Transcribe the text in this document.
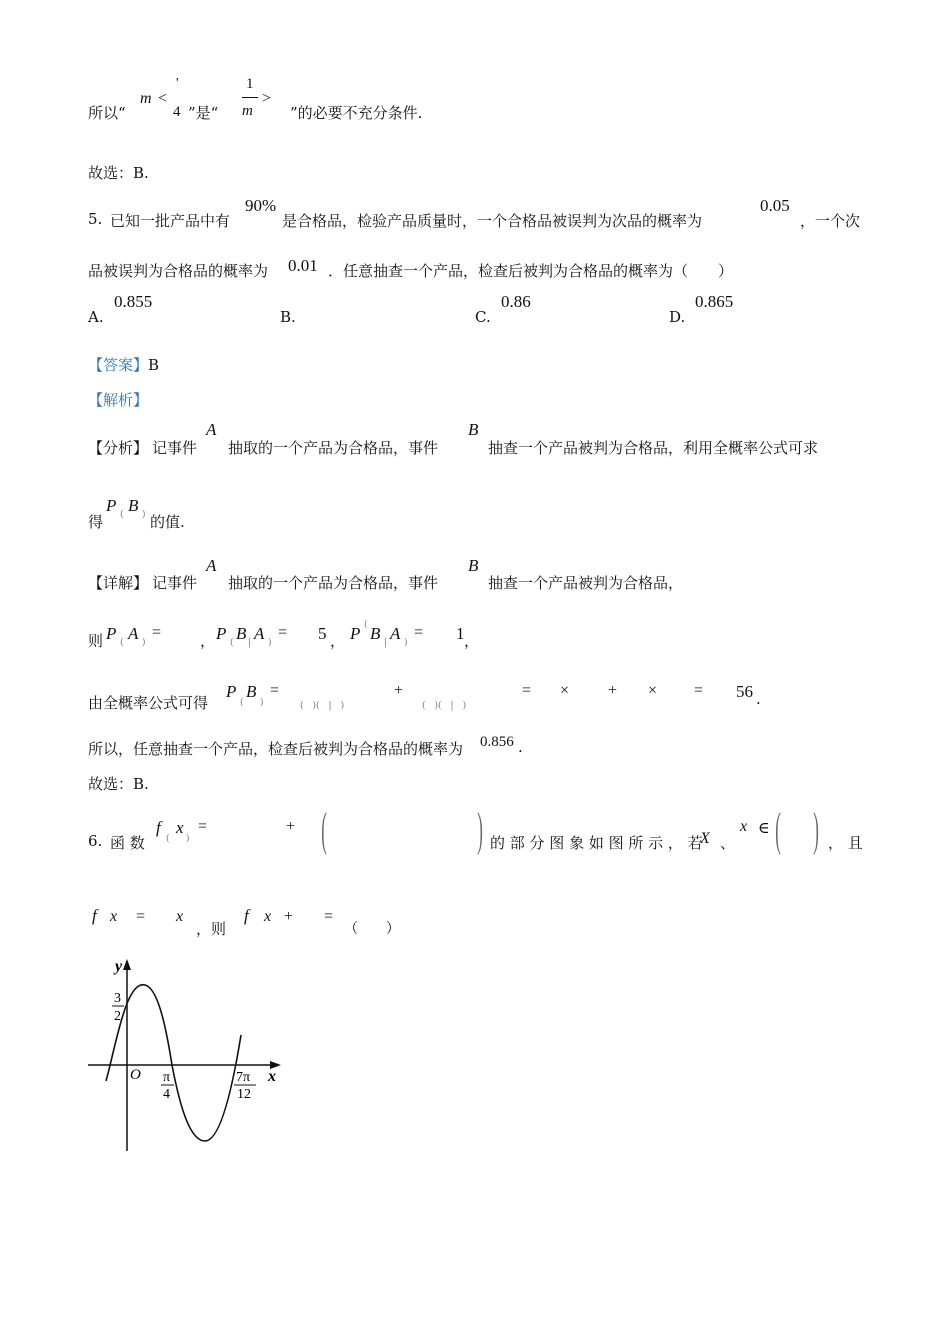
所以“
m <
'
4 ”是“
1
m
>
”的必要不充分条件.
故选：B.
5. 已知一批产品中有
90%
是合格品，检验产品质量时，一个合格品被误判为次品的概率为
0.05
，一个次
品被误判为合格品的概率为 0.01 ．任意抽查一个产品，检查后被判为合格品的概率为（　　）
A.
0.855
B.	C.
0.86
D.
0.865
【答案】B
【解析】
【分析】 记事件
A
抽取的一个产品为合格品，事件
B
抽查一个产品被判为合格品，利用全概率公式可求
得
P ( B ) 的值.
【详解】 记事件
A
抽取的一个产品为合格品，事件
B
抽查一个产品被判为合格品，
则 P ( A )
=	， P ( B | A )
= 5 ， P ( B | A )
= 1 ，
由全概率公式可得
P
(
B
)
=
(　)(　|　)
+
(　)(　|　)
= × + × = 56 .
所以，任意抽查一个产品，检查后被判为合格品的概率为 0.856 .
故选：B.
6. 函 数
f
(
x
)
=	+ (	) 的 部 分 图 象 如 图 所 示 ， 若
X 、
x ∈ ( ) ， 且
f x = x
，则
f x + =
（　　）
y
x
O
3
2
π
4
7π
12
